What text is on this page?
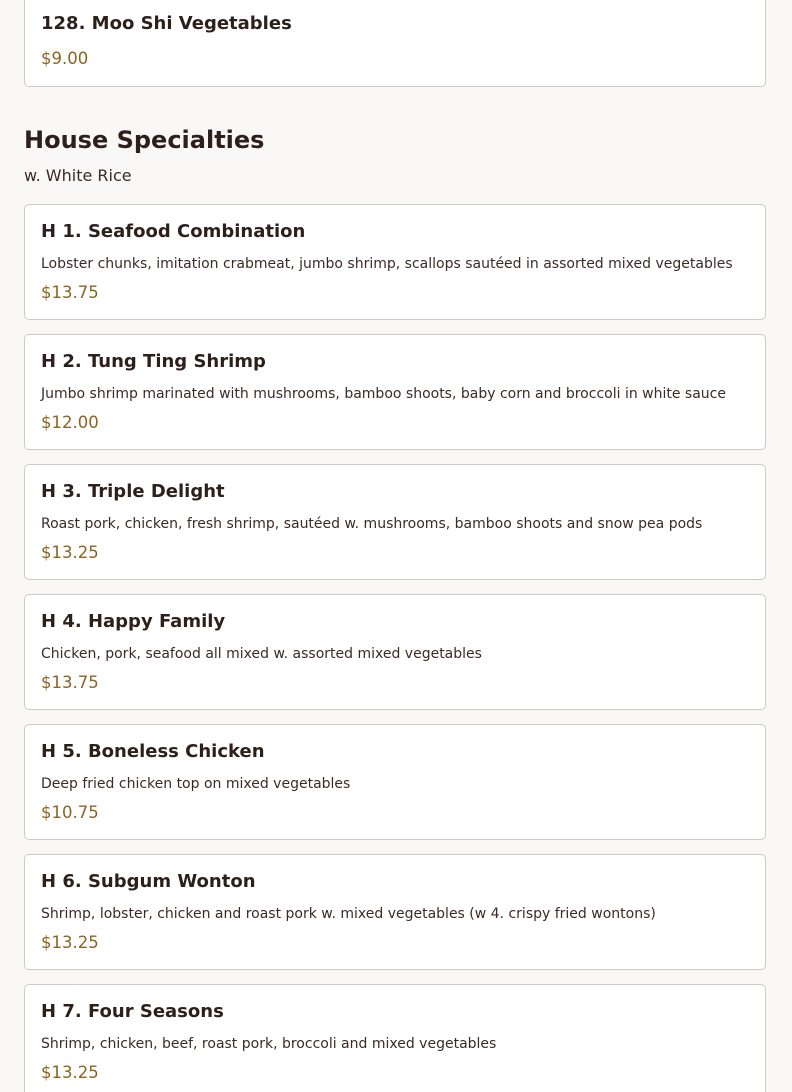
128. Moo Shi Vegetables
$9.00
House Specialties
w. White Rice
H 1. Seafood Combination
Lobster chunks, imitation crabmeat, jumbo shrimp, scallops sautéed in assorted mixed vegetables
$13.75
H 2. Tung Ting Shrimp
Jumbo shrimp marinated with mushrooms, bamboo shoots, baby corn and broccoli in white sauce
$12.00
H 3. Triple Delight
Roast pork, chicken, fresh shrimp, sautéed w. mushrooms, bamboo shoots and snow pea pods
$13.25
H 4. Happy Family
Chicken, pork, seafood all mixed w. assorted mixed vegetables
$13.75
H 5. Boneless Chicken
Deep fried chicken top on mixed vegetables
$10.75
H 6. Subgum Wonton
Shrimp, lobster, chicken and roast pork w. mixed vegetables (w 4. crispy fried wontons)
$13.25
H 7. Four Seasons
Shrimp, chicken, beef, roast pork, broccoli and mixed vegetables
$13.25
